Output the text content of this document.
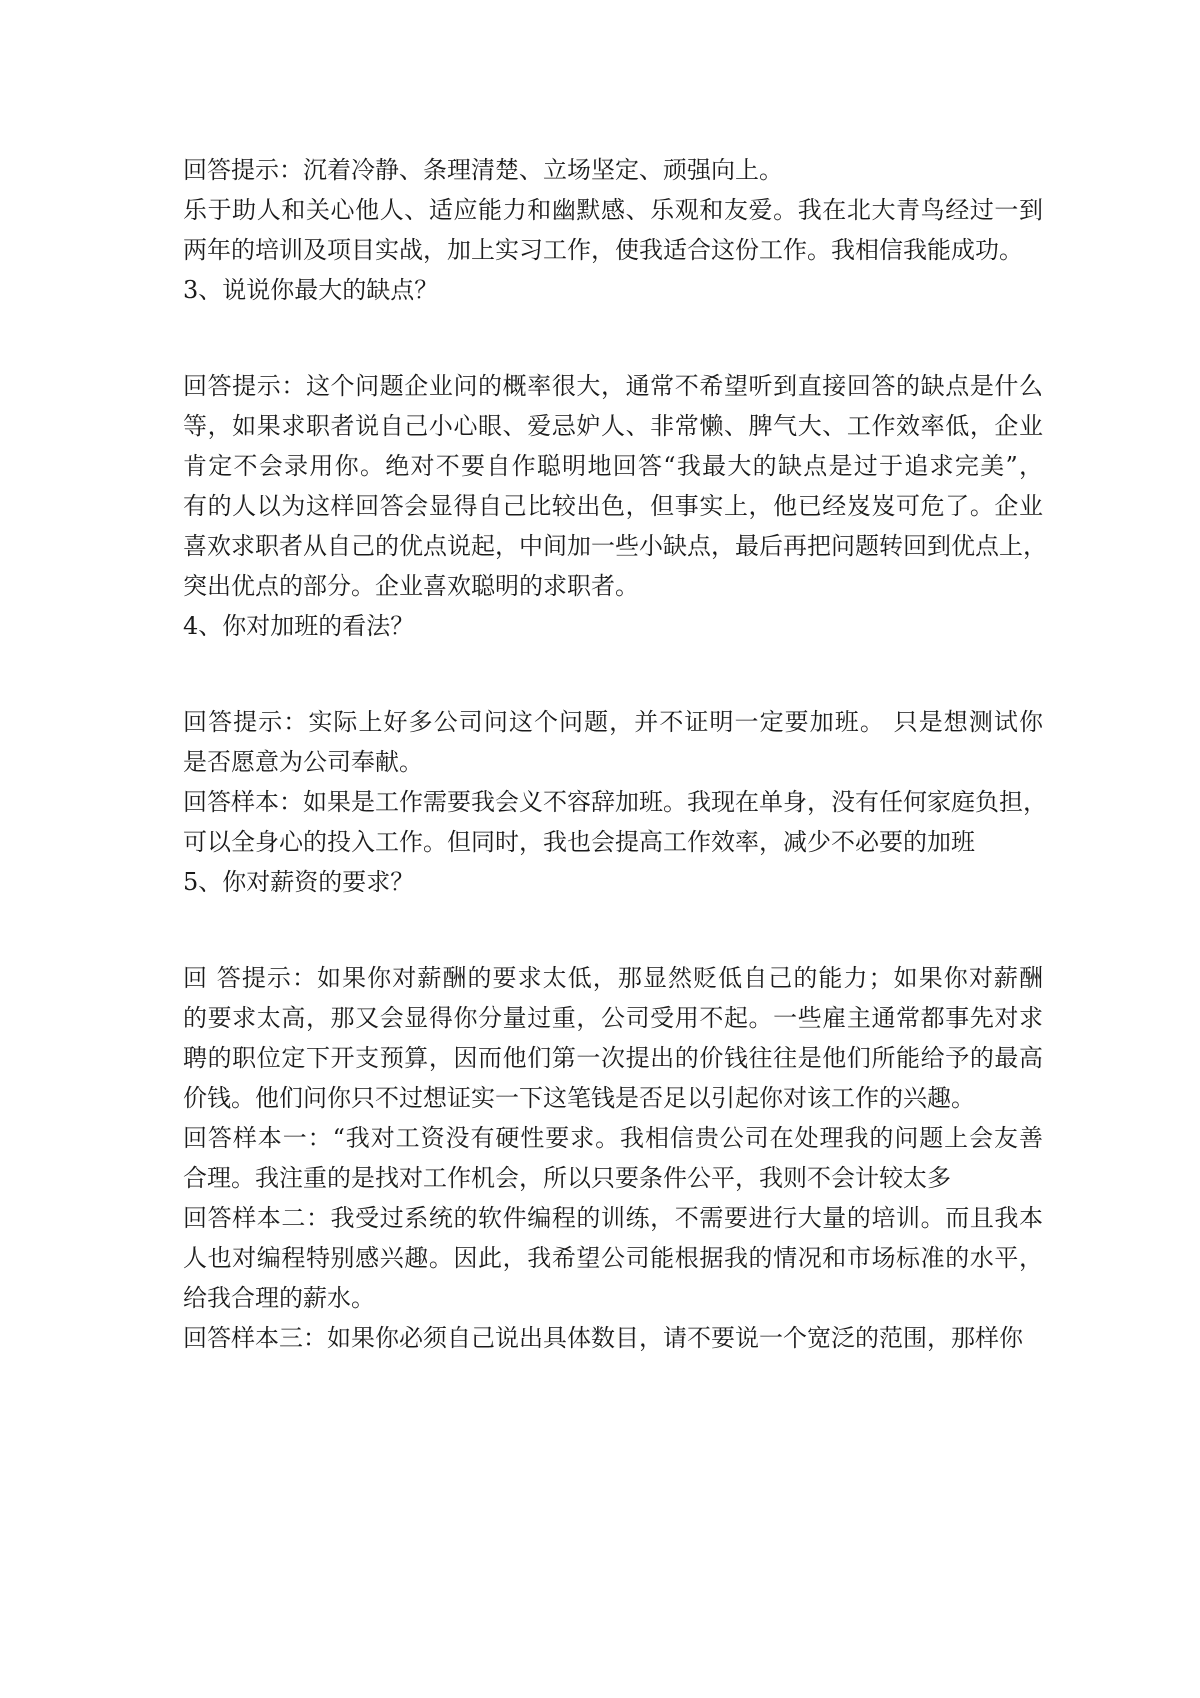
回答提示：沉着冷静、条理清楚、立场坚定、顽强向上。
乐于助人和关心他人、适应能力和幽默感、乐观和友爱。我在北大青鸟经过一到
两年的培训及项目实战，加上实习工作，使我适合这份工作。我相信我能成功。
3、说说你最大的缺点？
回答提示：这个问题企业问的概率很大，通常不希望听到直接回答的缺点是什么
等，如果求职者说自己小心眼、爱忌妒人、非常懒、脾气大、工作效率低，企业
肯定不会录用你。绝对不要自作聪明地回答“我最大的缺点是过于追求完美”，
有的人以为这样回答会显得自己比较出色，但事实上，他已经岌岌可危了。企业
喜欢求职者从自己的优点说起，中间加一些小缺点，最后再把问题转回到优点上，
突出优点的部分。企业喜欢聪明的求职者。
4、你对加班的看法？
回答提示：实际上好多公司问这个问题，并不证明一定要加班。 只是想测试你
是否愿意为公司奉献。
回答样本：如果是工作需要我会义不容辞加班。我现在单身，没有任何家庭负担，
可以全身心的投入工作。但同时，我也会提高工作效率，减少不必要的加班
5、你对薪资的要求？
回 答提示：如果你对薪酬的要求太低，那显然贬低自己的能力；如果你对薪酬
的要求太高，那又会显得你分量过重，公司受用不起。一些雇主通常都事先对求
聘的职位定下开支预算，因而他们第一次提出的价钱往往是他们所能给予的最高
价钱。他们问你只不过想证实一下这笔钱是否足以引起你对该工作的兴趣。
回答样本一：“我对工资没有硬性要求。我相信贵公司在处理我的问题上会友善
合理。我注重的是找对工作机会，所以只要条件公平，我则不会计较太多
回答样本二：我受过系统的软件编程的训练，不需要进行大量的培训。而且我本
人也对编程特别感兴趣。因此，我希望公司能根据我的情况和市场标准的水平，
给我合理的薪水。
回答样本三：如果你必须自己说出具体数目，请不要说一个宽泛的范围，那样你
